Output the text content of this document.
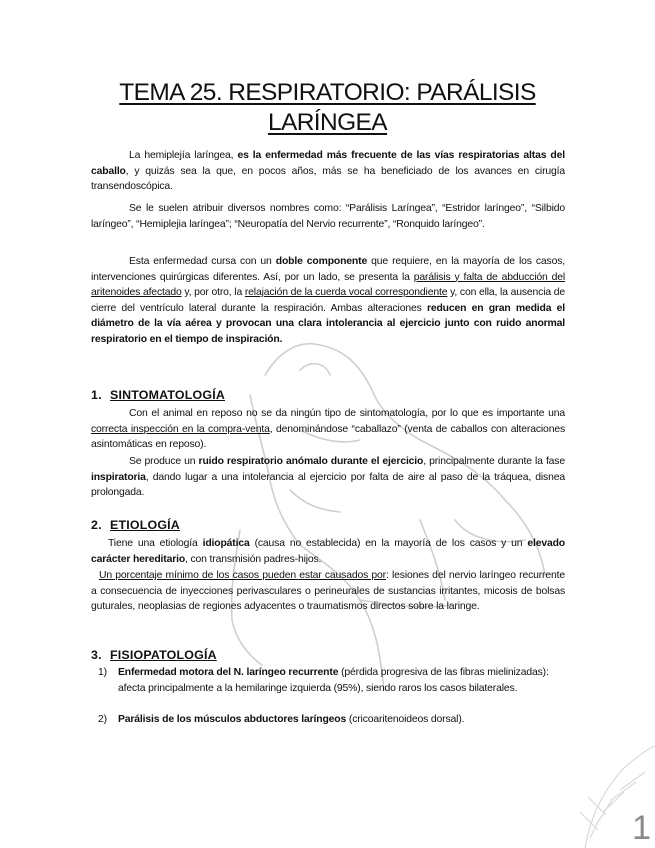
TEMA 25. RESPIRATORIO: PARÁLISIS
LARÍNGEA

La hemiplejía laríngea, es la enfermedad más frecuente de las vías respiratorias altas del caballo, y quizás sea la que, en pocos años, más se ha beneficiado de los avances en cirugía transendoscópica.

Se le suelen atribuir diversos nombres como: “Parálisis Laríngea”, “Estridor laríngeo”, “Silbido laríngeo”, “Hemiplejia laríngea”; “Neuropatía del Nervio recurrente”, “Ronquido laríngeo”.

Esta enfermedad cursa con un doble componente que requiere, en la mayoría de los casos, intervenciones quirúrgicas diferentes. Así, por un lado, se presenta la parálisis y falta de abducción del aritenoides afectado y, por otro, la relajación de la cuerda vocal correspondiente y, con ella, la ausencia de cierre del ventrículo lateral durante la respiración. Ambas alteraciones reducen en gran medida el diámetro de la vía aérea y provocan una clara intolerancia al ejercicio junto con ruido anormal respiratorio en el tiempo de inspiración.

1. SINTOMATOLOGÍA

Con el animal en reposo no se da ningún tipo de sintomatología, por lo que es importante una correcta inspección en la compra-venta, denominándose “caballazo” (venta de caballos con alteraciones asintomáticas en reposo).

Se produce un ruido respiratorio anómalo durante el ejercicio, principalmente durante la fase inspiratoria, dando lugar a una intolerancia al ejercicio por falta de aire al paso de la tráquea, disnea prolongada.

2. ETIOLOGÍA

Tiene una etiología idiopática (causa no establecida) en la mayoría de los casos y un elevado carácter hereditario, con transmisión padres-hijos.

Un porcentaje mínimo de los casos pueden estar causados por: lesiones del nervio laríngeo recurrente a consecuencia de inyecciones perivasculares o perineurales de sustancias irritantes, micosis de bolsas guturales, neoplasias de regiones adyacentes o traumatismos directos sobre la laringe.

3. FISIOPATOLOGÍA
1) Enfermedad motora del N. laríngeo recurrente (pérdida progresiva de las fibras mielinizadas): afecta principalmente a la hemilaringe izquierda (95%), siendo raros los casos bilaterales.
2) Parálisis de los músculos abductores laríngeos (cricoaritenoideos dorsal).
1
